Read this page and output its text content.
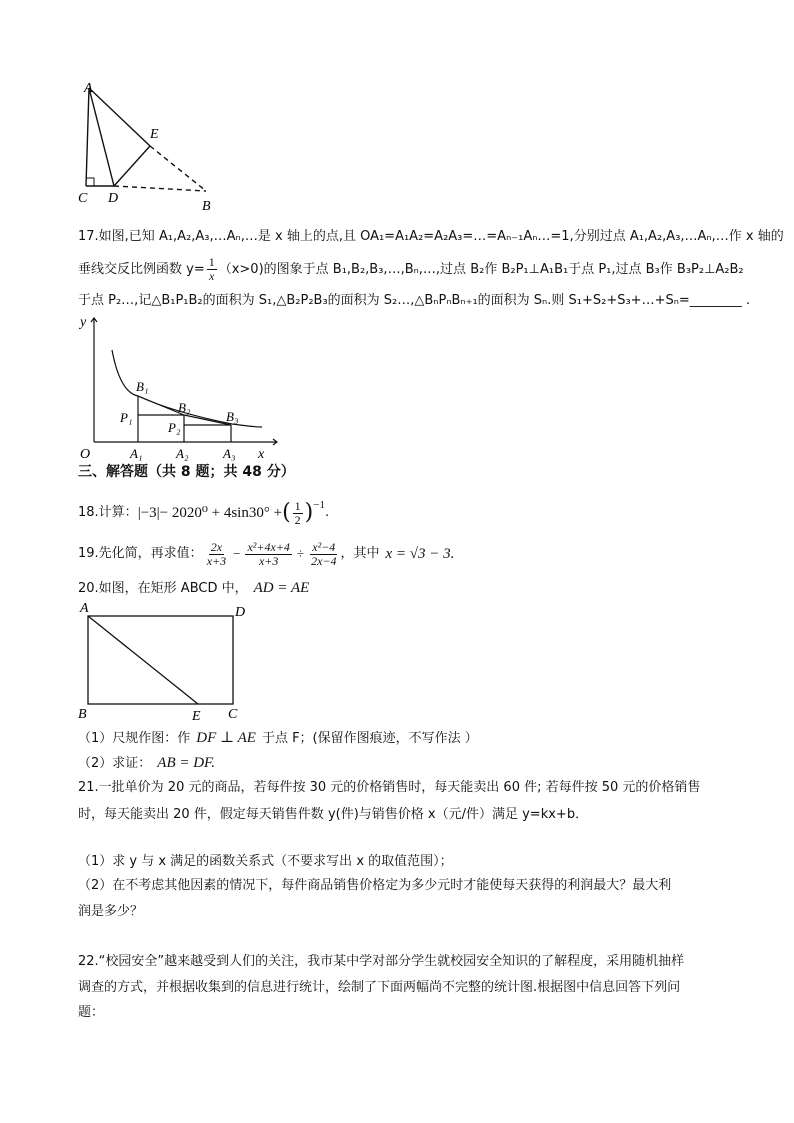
A
E
C D
B
17.如图,已知 A₁,A₂,A₃,…Aₙ,…是 x 轴上的点,且 OA₁=A₁A₂=A₂A₃=…=Aₙ₋₁Aₙ…=1,分别过点 A₁,A₂,A₃,…Aₙ,…作 x 轴的
垂线交反比例函数 $y= \frac{1}{x} (x>0)$的图象于点 B₁,B₂,B₃,…,Bₙ,…,过点 B₂作 B₂P₁⊥A₁B₁于点 P₁,过点 B₃作 B₃P₂⊥A₂B₂
于点 P₂…,记△B₁P₁B₂的面积为 S₁,△B₂P₂B₃的面积为 S₂…,△BₙPₙBₙ₊₁的面积为 Sₙ.则 S₁+S₂+S₃+…+Sₙ=________ .
y
x
O
B₁
B₂
B₃
P₁
P₂
A₁	A₂	A₃
三、解答题（共 8 题；共 48 分）
18.计算： |−3|− 2020⁰ + 4sin30° + ( $\frac{1}{2} )^{-1}$ .
19.先化简，再求值： $\frac{2x}{x+3} - \frac{\text{x²+4x+4}}{x+3} \div \frac{\text{x²−4}}{2x-4}$ ，其中 x = √3 − 3.
20.如图，在矩形 ABCD 中， AD = AE
A	D
B	E C
（1）尺规作图：作 DF ⊥ AE 于点 F；(保留作图痕迹，不写作法 ）
（2）求证： AB = DF.
21.一批单价为 20 元的商品，若每件按 30 元的价格销售时，每天能卖出 60 件; 若每件按 50 元的价格销售
时，每天能卖出 20 件，假定每天销售件数 y(件)与销售价格 x（元/件）满足 y=kx+b．
（1）求 y 与 x 满足的函数关系式（不要求写出 x 的取值范围）；
（2）在不考虑其他因素的情况下，每件商品销售价格定为多少元时才能使每天获得的利润最大？最大利
润是多少？
22.“校园安全”越来越受到人们的关注，我市某中学对部分学生就校园安全知识的了解程度，采用随机抽样
调查的方式，并根据收集到的信息进行统计，绘制了下面两幅尚不完整的统计图.根据图中信息回答下列问
题：
